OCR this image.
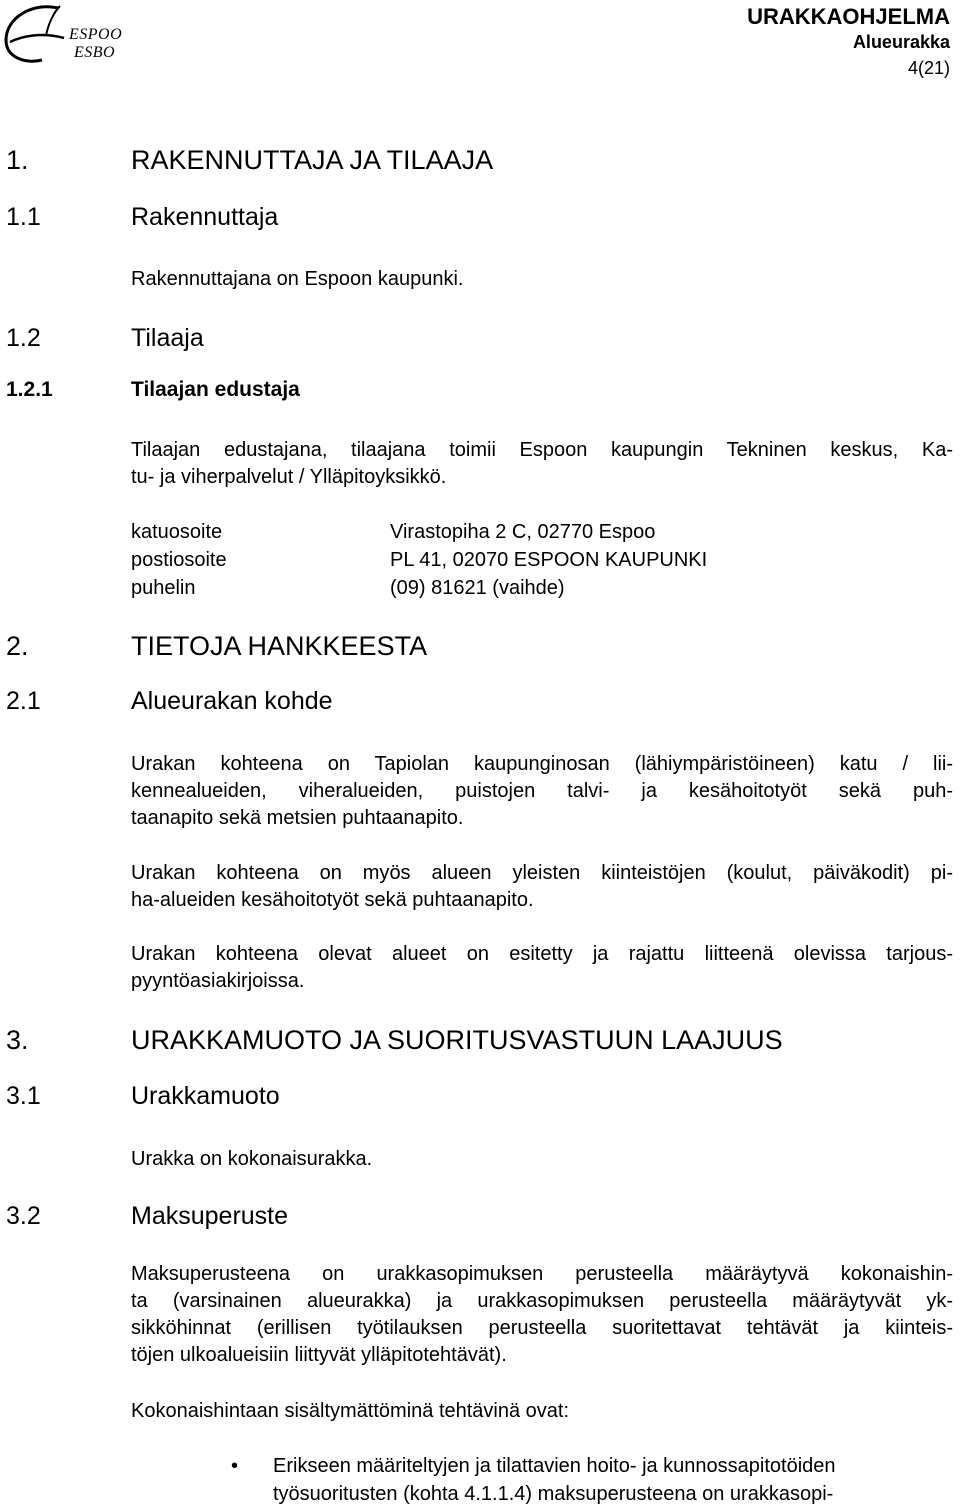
ESPOO
ESBO
URAKKAOHJELMA
Alueurakka
4(21)
1.	RAKENNUTTAJA JA TILAAJA
1.1	Rakennuttaja
Rakennuttajana on Espoon kaupunki.
1.2	Tilaaja
1.2.1	Tilaajan edustaja
Tilaajan edustajana, tilaajana toimii Espoon kaupungin Tekninen keskus, Ka-
tu- ja viherpalvelut / Ylläpitoyksikkö.
katuosoite	Virastopiha 2 C, 02770 Espoo
postiosoite	PL 41, 02070 ESPOON KAUPUNKI
puhelin	(09) 81621 (vaihde)
2.	TIETOJA HANKKEESTA
2.1	Alueurakan kohde
Urakan kohteena on Tapiolan kaupunginosan (lähiympäristöineen) katu / lii-
kennealueiden, viheralueiden, puistojen talvi- ja kesähoitotyöt sekä puh-
taanapito sekä metsien puhtaanapito.
Urakan kohteena on myös alueen yleisten kiinteistöjen (koulut, päiväkodit) pi-
ha-alueiden kesähoitotyöt sekä puhtaanapito.
Urakan kohteena olevat alueet on esitetty ja rajattu liitteenä olevissa tarjous-
pyyntöasiakirjoissa.
3.	URAKKAMUOTO JA SUORITUSVASTUUN LAAJUUS
3.1	Urakkamuoto
Urakka on kokonaisurakka.
3.2	Maksuperuste
Maksuperusteena on urakkasopimuksen perusteella määräytyvä kokonaishin-
ta (varsinainen alueurakka) ja urakkasopimuksen perusteella määräytyvät yk-
sikköhinnat (erillisen työtilauksen perusteella suoritettavat tehtävät ja kiinteis-
töjen ulkoalueisiin liittyvät ylläpitotehtävät).
Kokonaishintaan sisältymättöminä tehtävinä ovat:
• Erikseen määriteltyjen ja tilattavien hoito- ja kunnossapitotöiden
työsuoritusten (kohta 4.1.1.4) maksuperusteena on urakkasopi-
